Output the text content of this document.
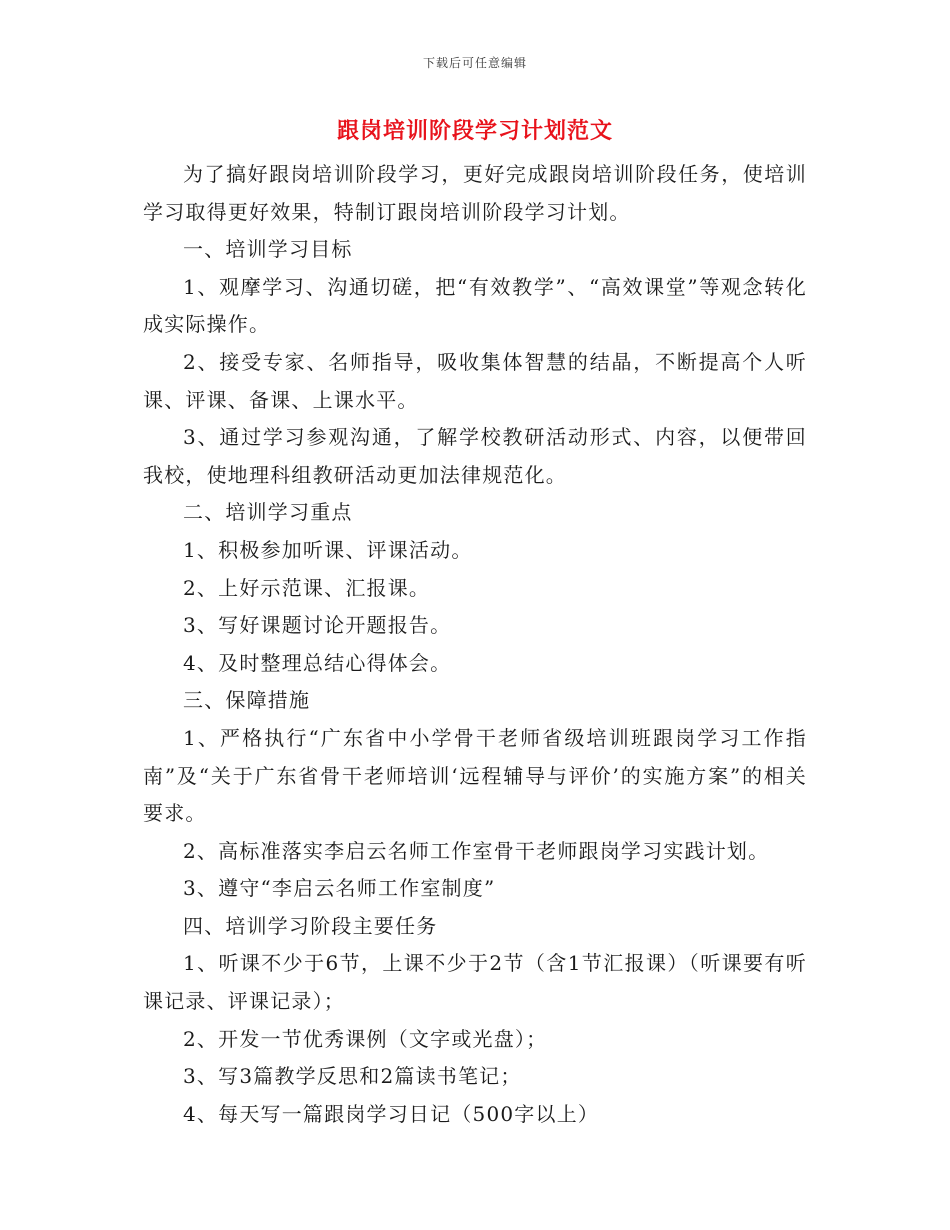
下载后可任意编辑
跟岗培训阶段学习计划范文

为了搞好跟岗培训阶段学习，更好完成跟岗培训阶段任务，使培训学习取得更好效果，特制订跟岗培训阶段学习计划。

一、培训学习目标

1、观摩学习、沟通切磋，把“有效教学”、“高效课堂”等观念转化成实际操作。

2、接受专家、名师指导，吸收集体智慧的结晶，不断提高个人听课、评课、备课、上课水平。

3、通过学习参观沟通，了解学校教研活动形式、内容，以便带回我校，使地理科组教研活动更加法律规范化。

二、培训学习重点

1、积极参加听课、评课活动。

2、上好示范课、汇报课。

3、写好课题讨论开题报告。

4、及时整理总结心得体会。

三、保障措施

1、严格执行“广东省中小学骨干老师省级培训班跟岗学习工作指南”及“关于广东省骨干老师培训‘远程辅导与评价’的实施方案”的相关要求。

2、高标准落实李启云名师工作室骨干老师跟岗学习实践计划。

3、遵守“李启云名师工作室制度”

四、培训学习阶段主要任务

1、听课不少于6节，上课不少于2节（含1节汇报课）（听课要有听课记录、评课记录）；

2、开发一节优秀课例（文字或光盘）；

3、写3篇教学反思和2篇读书笔记；

4、每天写一篇跟岗学习日记（500字以上）
